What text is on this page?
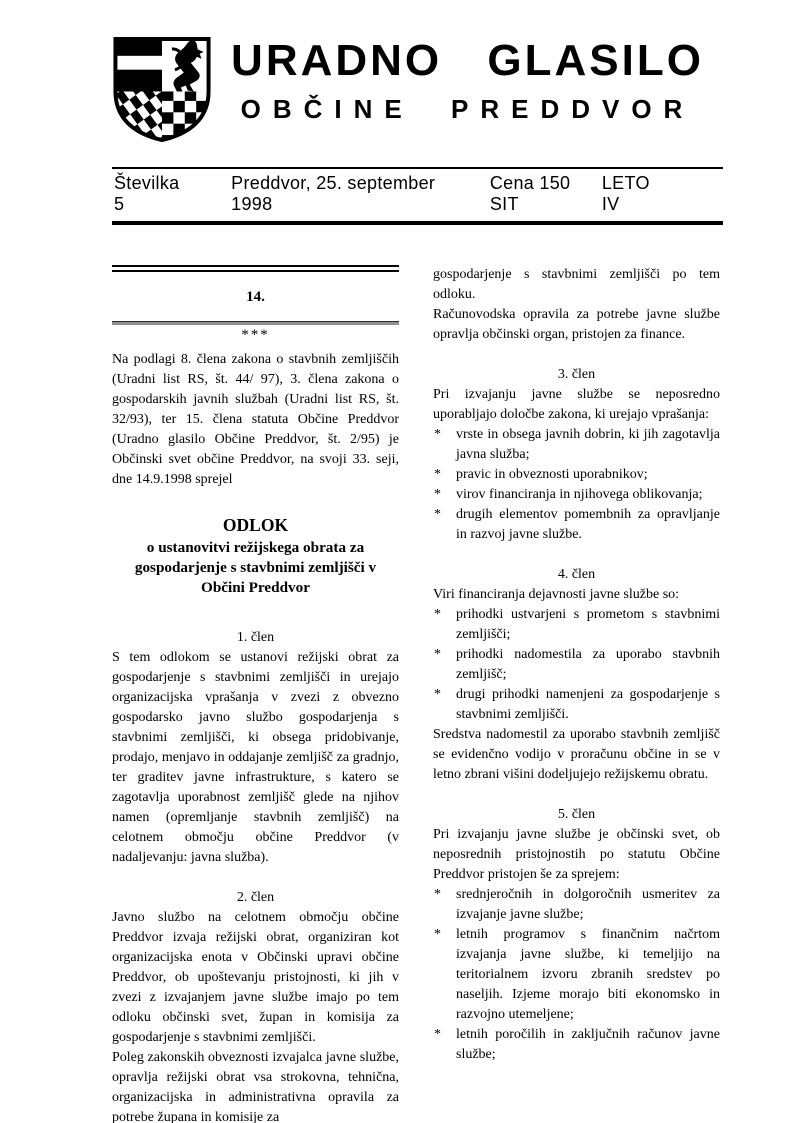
URADNO GLASILO
OBČINE PREDDVOR
Številka 5
Preddvor, 25. september 1998
Cena 150 SIT
LETO IV
14.
***

Na podlagi 8. člena zakona o stavbnih zemljiščih (Uradni list RS, št. 44/ 97), 3. člena zakona o gospodarskih javnih službah (Uradni list RS, št. 32/93), ter 15. člena statuta Občine Preddvor (Uradno glasilo Občine Preddvor, št. 2/95) je Občinski svet občine Preddvor, na svoji 33. seji, dne 14.9.1998 sprejel

ODLOK
o ustanovitvi režijskega obrata za gospodarjenje s stavbnimi zemljišči v Občini Preddvor
1. člen

S tem odlokom se ustanovi režijski obrat za gospodarjenje s stavbnimi zemljišči in urejajo organizacijska vprašanja v zvezi z obvezno gospodarsko javno službo gospodarjenja s stavbnimi zemljišči, ki obsega pridobivanje, prodajo, menjavo in oddajanje zemljišč za gradnjo, ter graditev javne infrastrukture, s katero se zagotavlja uporabnost zemljišč glede na njihov namen (opremljanje stavbnih zemljišč) na celotnem območju občine Preddvor (v nadaljevanju: javna služba).

2. člen

Javno službo na celotnem območju občine Preddvor izvaja režijski obrat, organiziran kot organizacijska enota v Občinski upravi občine Preddvor, ob upoštevanju pristojnosti, ki jih v zvezi z izvajanjem javne službe imajo po tem odloku občinski svet, župan in komisija za gospodarjenje s stavbnimi zemljišči.

Poleg zakonskih obveznosti izvajalca javne službe, opravlja režijski obrat vsa strokovna, tehnična, organizacijska in administrativna opravila za potrebe župana in komisije za

gospodarjenje s stavbnimi zemljišči po tem odloku.

Računovodska opravila za potrebe javne službe opravlja občinski organ, pristojen za finance.

3. člen

Pri izvajanju javne službe se neposredno uporabljajo določbe zakona, ki urejajo vprašanja:

*	vrste in obsega javnih dobrin, ki jih zagotavlja javna služba;
*	pravic in obveznosti uporabnikov;
*	virov financiranja in njihovega oblikovanja;
*	drugih elementov pomembnih za opravljanje in razvoj javne službe.
4. člen

Viri financiranja dejavnosti javne službe so:

*	prihodki ustvarjeni s prometom s stavbnimi zemljišči;
*	prihodki nadomestila za uporabo stavbnih zemljišč;
*	drugi prihodki namenjeni za gospodarjenje s stavbnimi zemljišči.

Sredstva nadomestil za uporabo stavbnih zemljišč se evidenčno vodijo v proračunu občine in se v letno zbrani višini dodeljujejo režijskemu obratu.

5. člen

Pri izvajanju javne službe je občinski svet, ob neposrednih pristojnostih po statutu Občine Preddvor pristojen še za sprejem:

*	srednjeročnih in dolgoročnih usmeritev za izvajanje javne službe;
*	letnih programov s finančnim načrtom izvajanja javne službe, ki temeljijo na teritorialnem izvoru zbranih sredstev po naseljih. Izjeme morajo biti ekonomsko in razvojno utemeljene;
*	letnih poročilih in zaključnih računov javne službe;
